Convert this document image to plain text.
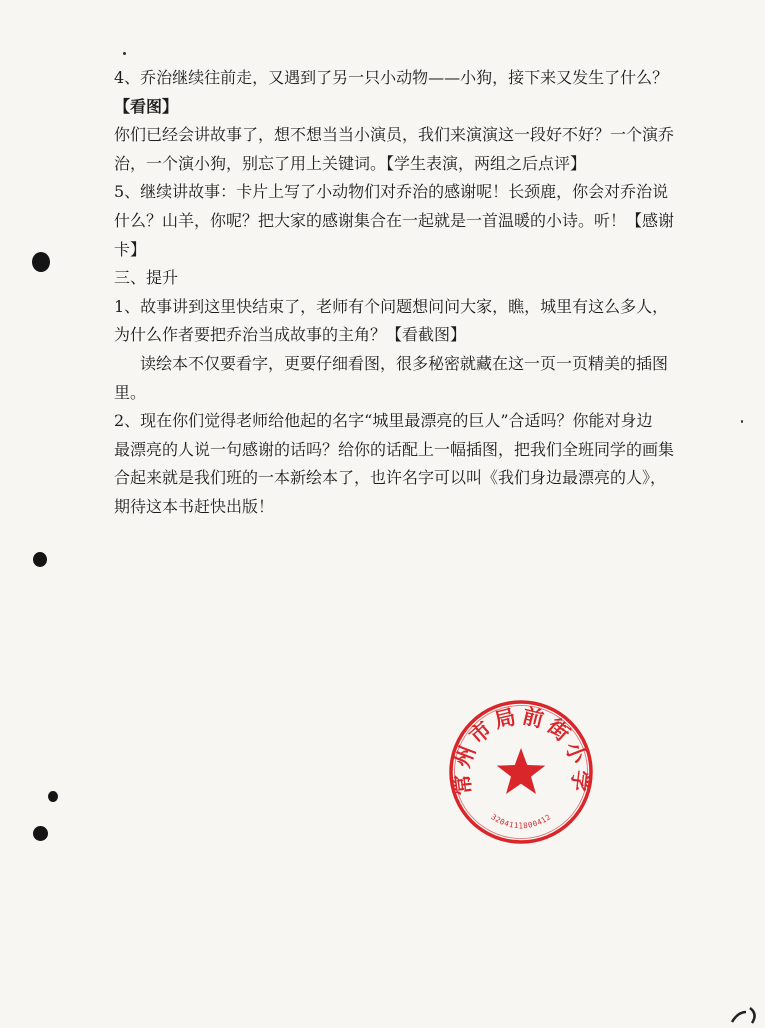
4、乔治继续往前走，又遇到了另一只小动物——小狗，接下来又发生了什么？
【看图】
你们已经会讲故事了，想不想当当小演员，我们来演演这一段好不好？一个演乔
治，一个演小狗，别忘了用上关键词。【学生表演，两组之后点评】
5、继续讲故事：卡片上写了小动物们对乔治的感谢呢！长颈鹿，你会对乔治说
什么？山羊，你呢？把大家的感谢集合在一起就是一首温暖的小诗。听！【感谢
卡】
三、提升
1、故事讲到这里快结束了，老师有个问题想问问大家，瞧，城里有这么多人，
为什么作者要把乔治当成故事的主角？【看截图】
读绘本不仅要看字，更要仔细看图，很多秘密就藏在这一页一页精美的插图
里。
2、现在你们觉得老师给他起的名字“城里最漂亮的巨人”合适吗？你能对身边
最漂亮的人说一句感谢的话吗？给你的话配上一幅插图，把我们全班同学的画集
合起来就是我们班的一本新绘本了，也许名字可以叫《我们身边最漂亮的人》，
期待这本书赶快出版！
常州市局前街小学
3204111800412
